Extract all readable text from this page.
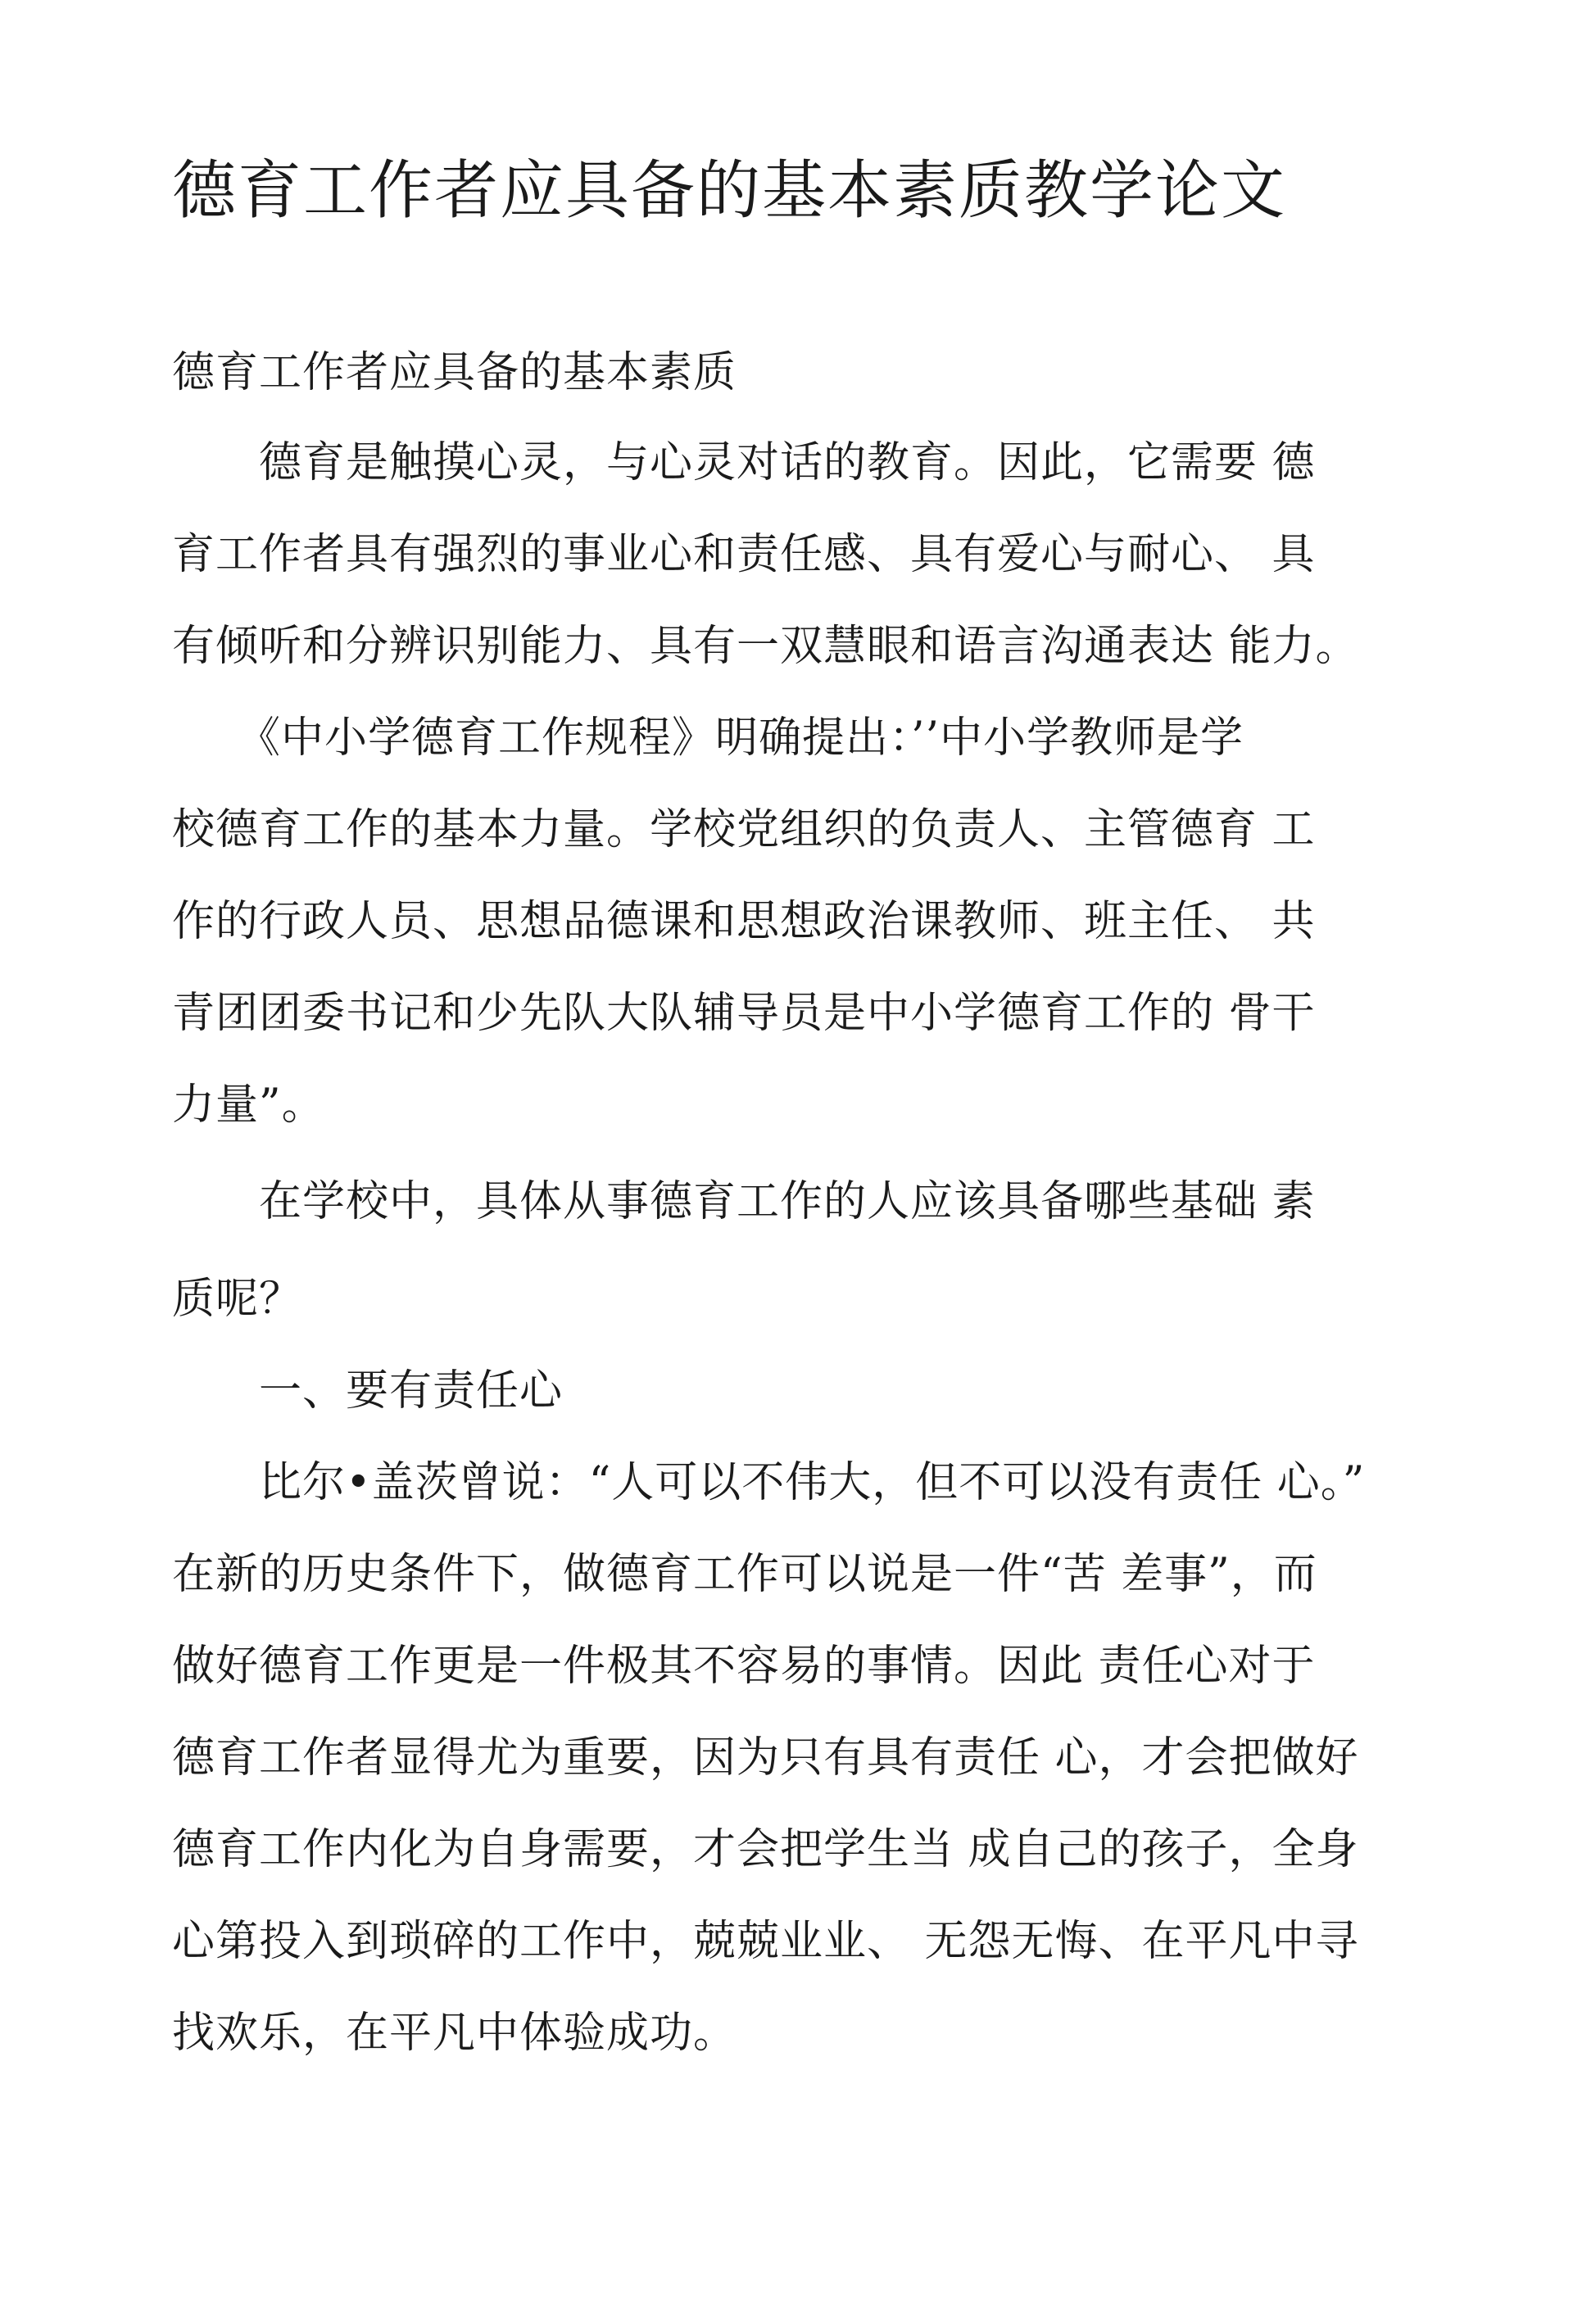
德育工作者应具备的基本素质教学论文
德育工作者应具备的基本素质
　　德育是触摸心灵，与心灵对话的教育。因此，它需要 德
育工作者具有强烈的事业心和责任感、具有爱心与耐心、 具
有倾听和分辨识别能力、具有一双慧眼和语言沟通表达 能力。
　　《中小学德育工作规程》明确提出：’’中小学教师是学
校德育工作的基本力量。学校党组织的负责人、主管德育 工
作的行政人员、思想品德课和思想政治课教师、班主任、 共
青团团委书记和少先队大队辅导员是中小学德育工作的 骨干
力量”。
　　在学校中，具体从事德育工作的人应该具备哪些基础 素
质呢？
　　一、要有责任心
　　比尔•盖茨曾说：“人可以不伟大，但不可以没有责任 心。”
在新的历史条件下，做德育工作可以说是一件“苦 差事”，而
做好德育工作更是一件极其不容易的事情。因此 责任心对于
德育工作者显得尤为重要，因为只有具有责任 心，才会把做好
德育工作内化为自身需要，才会把学生当 成自己的孩子，全身
心第投入到琐碎的工作中，兢兢业业、 无怨无悔、在平凡中寻
找欢乐，在平凡中体验成功。
